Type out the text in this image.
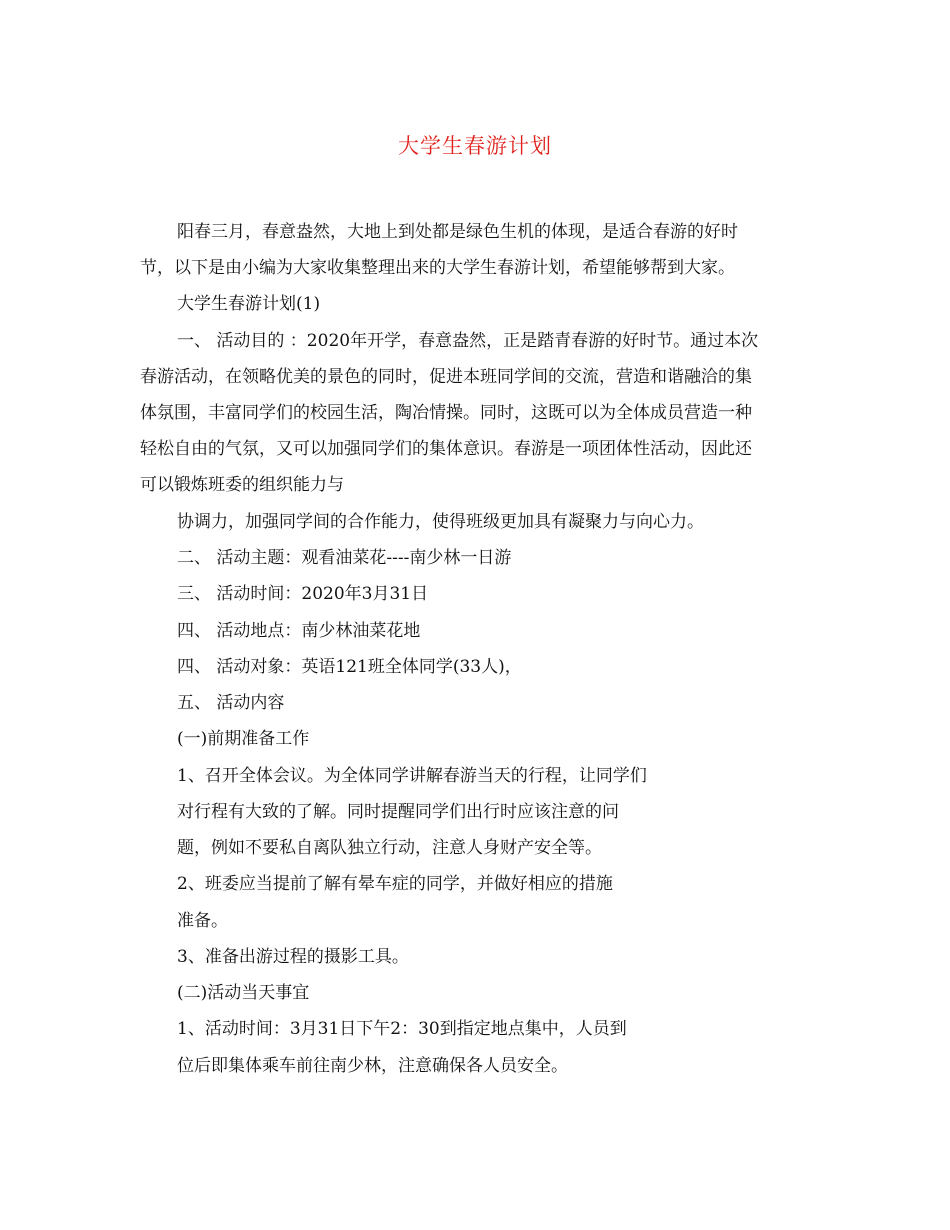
大学生春游计划
阳春三月，春意盎然，大地上到处都是绿色生机的体现，是适合春游的好时
节，以下是由小编为大家收集整理出来的大学生春游计划，希望能够帮到大家。
大学生春游计划(1)
一、 活动目的 ：2020年开学，春意盎然，正是踏青春游的好时节。通过本次
春游活动，在领略优美的景色的同时，促进本班同学间的交流，营造和谐融洽的集
体氛围，丰富同学们的校园生活，陶冶情操。同时，这既可以为全体成员营造一种
轻松自由的气氛，又可以加强同学们的集体意识。春游是一项团体性活动，因此还
可以锻炼班委的组织能力与
协调力，加强同学间的合作能力，使得班级更加具有凝聚力与向心力。
二、 活动主题：观看油菜花----南少林一日游
三、 活动时间：2020年3月31日
四、 活动地点：南少林油菜花地
四、 活动对象：英语121班全体同学(33人)，
五、 活动内容
(一)前期准备工作
1、召开全体会议。为全体同学讲解春游当天的行程，让同学们
对行程有大致的了解。同时提醒同学们出行时应该注意的问
题，例如不要私自离队独立行动，注意人身财产安全等。
2、班委应当提前了解有晕车症的同学，并做好相应的措施
准备。
3、准备出游过程的摄影工具。
(二)活动当天事宜
1、活动时间：3月31日下午2：30到指定地点集中，人员到
位后即集体乘车前往南少林，注意确保各人员安全。
